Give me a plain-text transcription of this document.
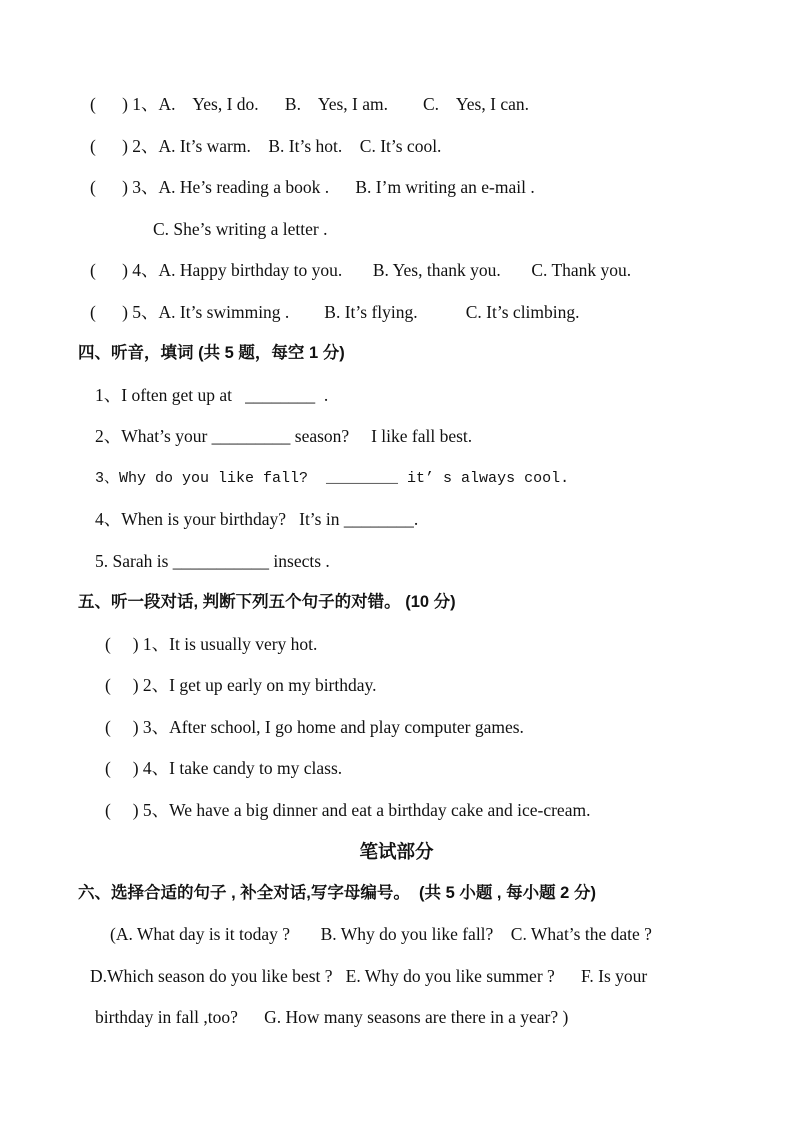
(      ) 1、A.    Yes, I do.      B.    Yes, I am.        C.    Yes, I can.
(      ) 2、A. It’s warm.    B. It’s hot.    C. It’s cool.
(      ) 3、A. He’s reading a book .      B. I’m writing an e-mail .
C. She’s writing a letter .
(      ) 4、A. Happy birthday to you.       B. Yes, thank you.       C. Thank you.
(      ) 5、A. It’s swimming .        B. It’s flying.           C. It’s climbing.
四、听音，填词 (共 5 题，每空 1 分)
1、I often get up at   ________  .
2、What’s your _________ season?     I like fall best.
3、Why do you like fall?  ________ it’ s always cool.
4、When is your birthday?   It’s in ________.
5. Sarah is ___________ insects .
五、听一段对话, 判断下列五个句子的对错。 (10 分)
(     ) 1、It is usually very hot.
(     ) 2、I get up early on my birthday.
(     ) 3、After school, I go home and play computer games.
(     ) 4、I take candy to my class.
(     ) 5、We have a big dinner and eat a birthday cake and ice-cream.
笔试部分
六、选择合适的句子 , 补全对话,写字母编号。  (共 5 小题 , 每小题 2 分)
(A. What day is it today ?       B. Why do you like fall?    C. What’s the date ?
D.Which season do you like best ?   E. Why do you like summer ?      F. Is your
birthday in fall ,too?      G. How many seasons are there in a year? )
